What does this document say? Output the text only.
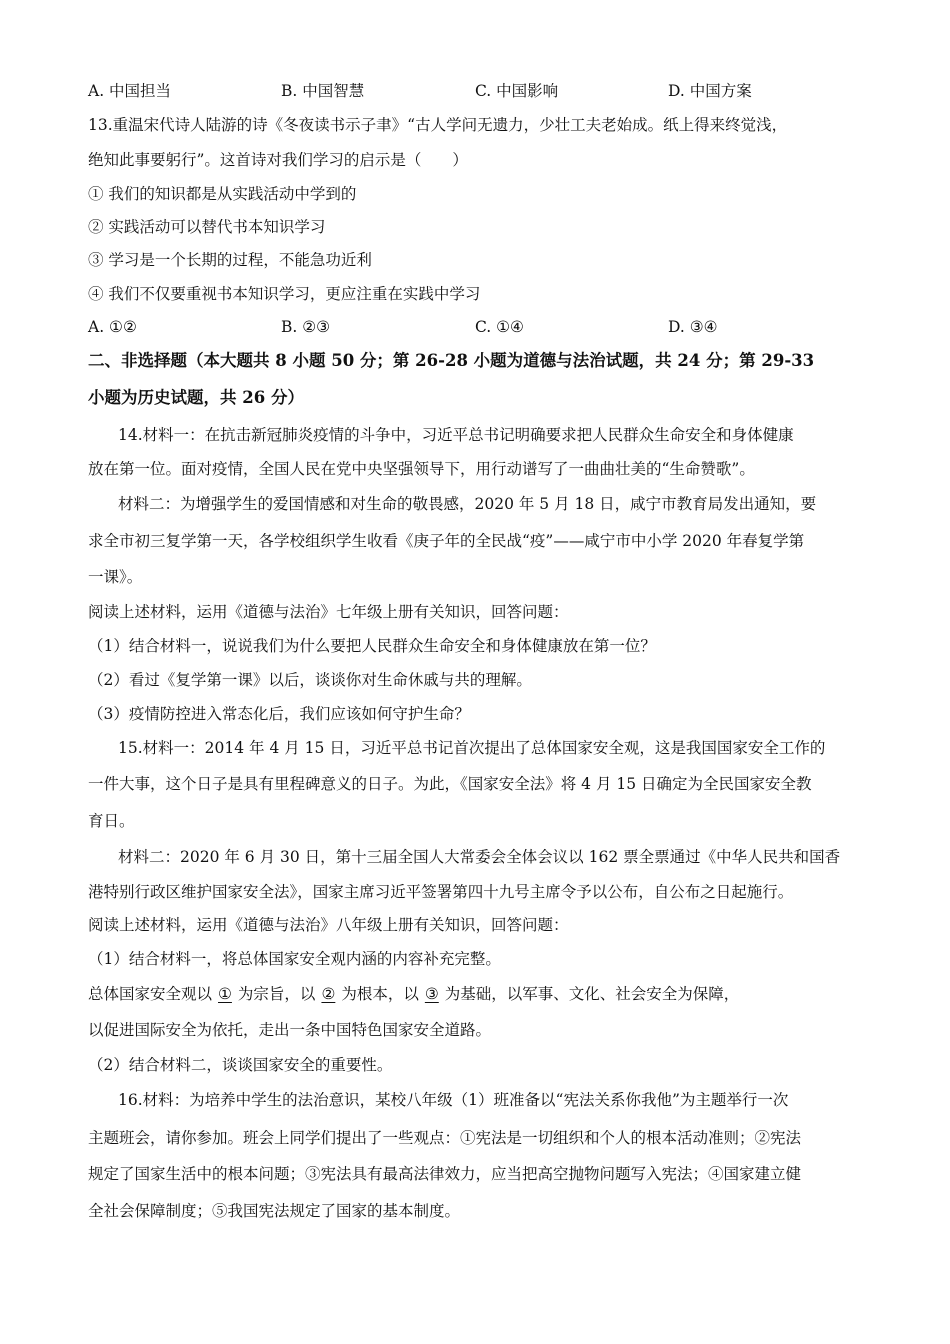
A. 中国担当	B. 中国智慧	C. 中国影响	D. 中国方案
13.重温宋代诗人陆游的诗《冬夜读书示子聿》“古人学问无遗力，少壮工夫老始成。纸上得来终觉浅，
绝知此事要躬行”。这首诗对我们学习的启示是（　　）
① 我们的知识都是从实践活动中学到的
② 实践活动可以替代书本知识学习
③ 学习是一个长期的过程，不能急功近利
④ 我们不仅要重视书本知识学习，更应注重在实践中学习
A. ①②	B. ②③	C. ①④	D. ③④
二、非选择题（本大题共 8 小题 50 分；第 26-28 小题为道德与法治试题，共 24 分；第 29-33
小题为历史试题，共 26 分）
14.材料一：在抗击新冠肺炎疫情的斗争中，习近平总书记明确要求把人民群众生命安全和身体健康
放在第一位。面对疫情，全国人民在党中央坚强领导下，用行动谱写了一曲曲壮美的“生命赞歌”。
材料二：为增强学生的爱国情感和对生命的敬畏感，2020 年 5 月 18 日，咸宁市教育局发出通知，要
求全市初三复学第一天，各学校组织学生收看《庚子年的全民战“疫”——咸宁市中小学 2020 年春复学第
一课》。
阅读上述材料，运用《道德与法治》七年级上册有关知识，回答问题：
（1）结合材料一，说说我们为什么要把人民群众生命安全和身体健康放在第一位？
（2）看过《复学第一课》以后，谈谈你对生命休戚与共的理解。
（3）疫情防控进入常态化后，我们应该如何守护生命？
15.材料一：2014 年 4 月 15 日，习近平总书记首次提出了总体国家安全观，这是我国国家安全工作的
一件大事，这个日子是具有里程碑意义的日子。为此，《国家安全法》将 4 月 15 日确定为全民国家安全教
育日。
材料二：2020 年 6 月 30 日，第十三届全国人大常委会全体会议以 162 票全票通过《中华人民共和国香
港特别行政区维护国家安全法》，国家主席习近平签署第四十九号主席令予以公布，自公布之日起施行。
阅读上述材料，运用《道德与法治》八年级上册有关知识，回答问题：
（1）结合材料一，将总体国家安全观内涵的内容补充完整。
总体国家安全观以 ① 为宗旨，以 ② 为根本，以 ③ 为基础，以军事、文化、社会安全为保障，
以促进国际安全为依托，走出一条中国特色国家安全道路。
（2）结合材料二，谈谈国家安全的重要性。
16.材料：为培养中学生的法治意识，某校八年级（1）班准备以“宪法关系你我他”为主题举行一次
主题班会，请你参加。班会上同学们提出了一些观点：①宪法是一切组织和个人的根本活动准则；②宪法
规定了国家生活中的根本问题；③宪法具有最高法律效力，应当把高空抛物问题写入宪法；④国家建立健
全社会保障制度；⑤我国宪法规定了国家的基本制度。
